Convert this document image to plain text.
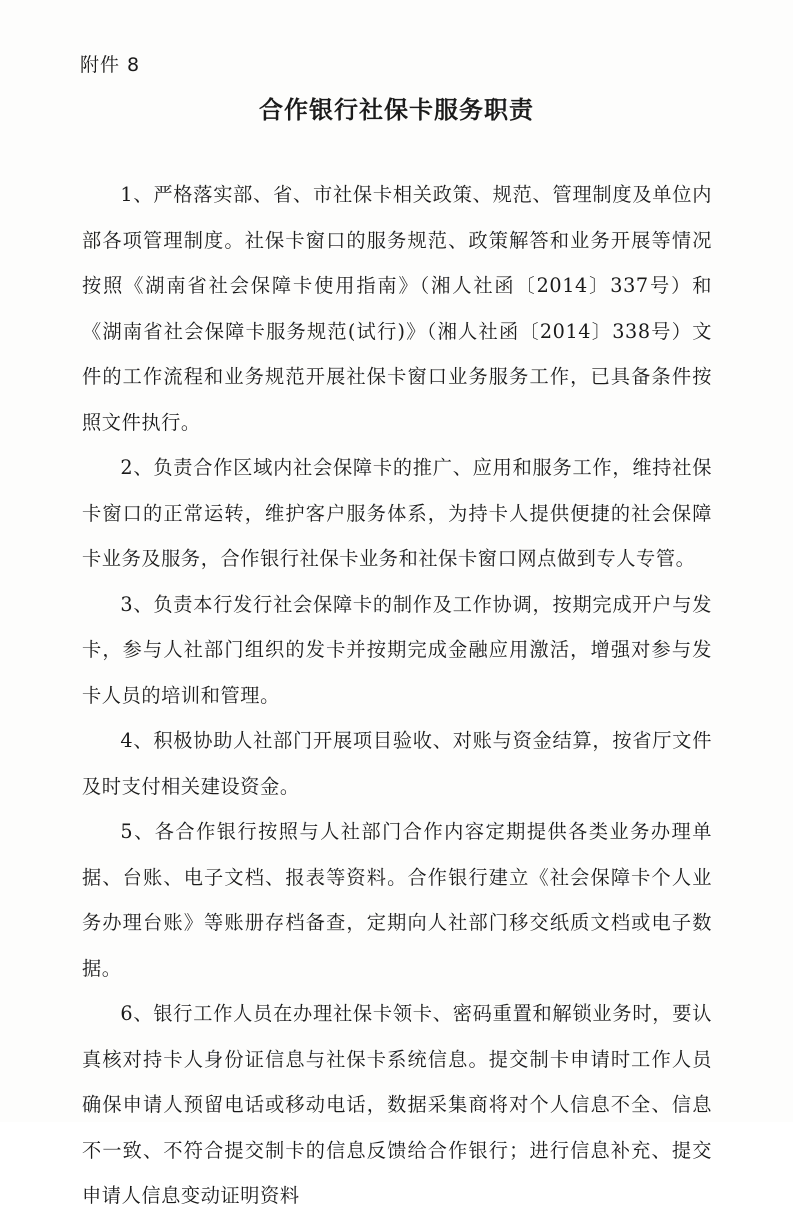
附件 8
合作银行社保卡服务职责

1、严格落实部、省、市社保卡相关政策、规范、管理制度及单位内部各项管理制度。社保卡窗口的服务规范、政策解答和业务开展等情况按照《湖南省社会保障卡使用指南》（湘人社函〔2014〕337号）和《湖南省社会保障卡服务规范(试行)》（湘人社函〔2014〕338号）文件的工作流程和业务规范开展社保卡窗口业务服务工作，已具备条件按照文件执行。

2、负责合作区域内社会保障卡的推广、应用和服务工作，维持社保卡窗口的正常运转，维护客户服务体系，为持卡人提供便捷的社会保障卡业务及服务，合作银行社保卡业务和社保卡窗口网点做到专人专管。

3、负责本行发行社会保障卡的制作及工作协调，按期完成开户与发卡，参与人社部门组织的发卡并按期完成金融应用激活，增强对参与发卡人员的培训和管理。

4、积极协助人社部门开展项目验收、对账与资金结算，按省厅文件及时支付相关建设资金。

5、各合作银行按照与人社部门合作内容定期提供各类业务办理单据、台账、电子文档、报表等资料。合作银行建立《社会保障卡个人业务办理台账》等账册存档备查，定期向人社部门移交纸质文档或电子数据。

6、银行工作人员在办理社保卡领卡、密码重置和解锁业务时，要认真核对持卡人身份证信息与社保卡系统信息。提交制卡申请时工作人员确保申请人预留电话或移动电话，数据采集商将对个人信息不全、信息不一致、不符合提交制卡的信息反馈给合作银行；进行信息补充、提交申请人信息变动证明资料
